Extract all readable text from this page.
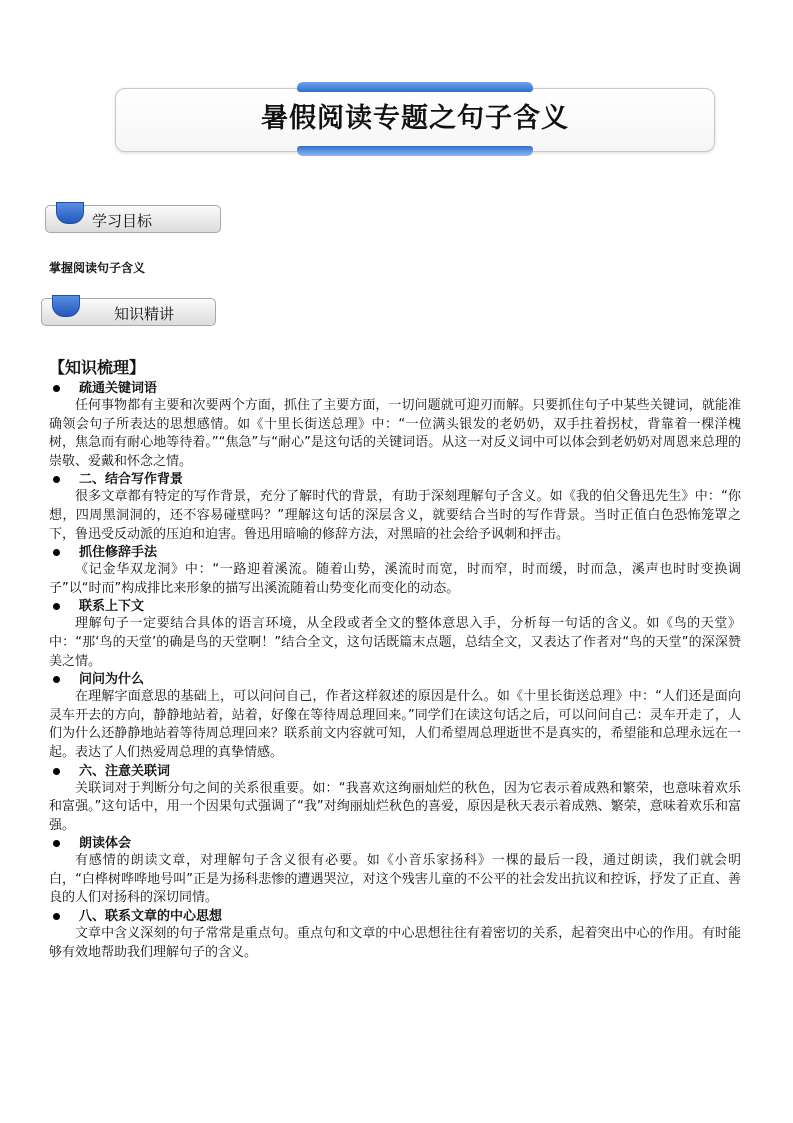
暑假阅读专题之句子含义
学习目标
掌握阅读句子含义
知识精讲
【知识梳理】
疏通关键词语

任何事物都有主要和次要两个方面，抓住了主要方面，一切问题就可迎刃而解。只要抓住句子中某些关键词，就能准确领会句子所表达的思想感情。如《十里长街送总理》中：“一位满头银发的老奶奶，双手拄着拐杖，背靠着一棵洋槐树，焦急而有耐心地等待着。”“焦急”与“耐心”是这句话的关键词语。从这一对反义词中可以体会到老奶奶对周恩来总理的崇敬、爱戴和怀念之情。

二、结合写作背景

很多文章都有特定的写作背景，充分了解时代的背景，有助于深刻理解句子含义。如《我的伯父鲁迅先生》中：“你想，四周黑洞洞的，还不容易碰壁吗？”理解这句话的深层含义，就要结合当时的写作背景。当时正值白色恐怖笼罩之下，鲁迅受反动派的压迫和迫害。鲁迅用暗喻的修辞方法，对黑暗的社会给予讽刺和抨击。

抓住修辞手法

《记金华双龙洞》中：“一路迎着溪流。随着山势，溪流时而宽，时而窄，时而缓，时而急，溪声也时时变换调子”以“时而”构成排比来形象的描写出溪流随着山势变化而变化的动态。

联系上下文

理解句子一定要结合具体的语言环境，从全段或者全文的整体意思入手，分析每一句话的含义。如《鸟的天堂》中：“那‘鸟的天堂’的确是鸟的天堂啊！”结合全文，这句话既篇末点题，总结全文，又表达了作者对“鸟的天堂”的深深赞美之情。

问问为什么

在理解字面意思的基础上，可以问问自己，作者这样叙述的原因是什么。如《十里长街送总理》中：“人们还是面向灵车开去的方向，静静地站着，站着，好像在等待周总理回来。”同学们在读这句话之后，可以问问自己：灵车开走了，人们为什么还静静地站着等待周总理回来？联系前文内容就可知，人们希望周总理逝世不是真实的，希望能和总理永远在一起。表达了人们热爱周总理的真挚情感。

六、注意关联词

关联词对于判断分句之间的关系很重要。如：“我喜欢这绚丽灿烂的秋色，因为它表示着成熟和繁荣，也意味着欢乐和富强。”这句话中，用一个因果句式强调了“我”对绚丽灿烂秋色的喜爱，原因是秋天表示着成熟、繁荣，意味着欢乐和富强。

朗读体会

有感情的朗读文章，对理解句子含义很有必要。如《小音乐家扬科》一棵的最后一段，通过朗读，我们就会明白，“白桦树哗哗地号叫”正是为扬科悲惨的遭遇哭泣，对这个残害儿童的不公平的社会发出抗议和控诉，抒发了正直、善良的人们对扬科的深切同情。

八、联系文章的中心思想

文章中含义深刻的句子常常是重点句。重点句和文章的中心思想往往有着密切的关系，起着突出中心的作用。有时能够有效地帮助我们理解句子的含义。
